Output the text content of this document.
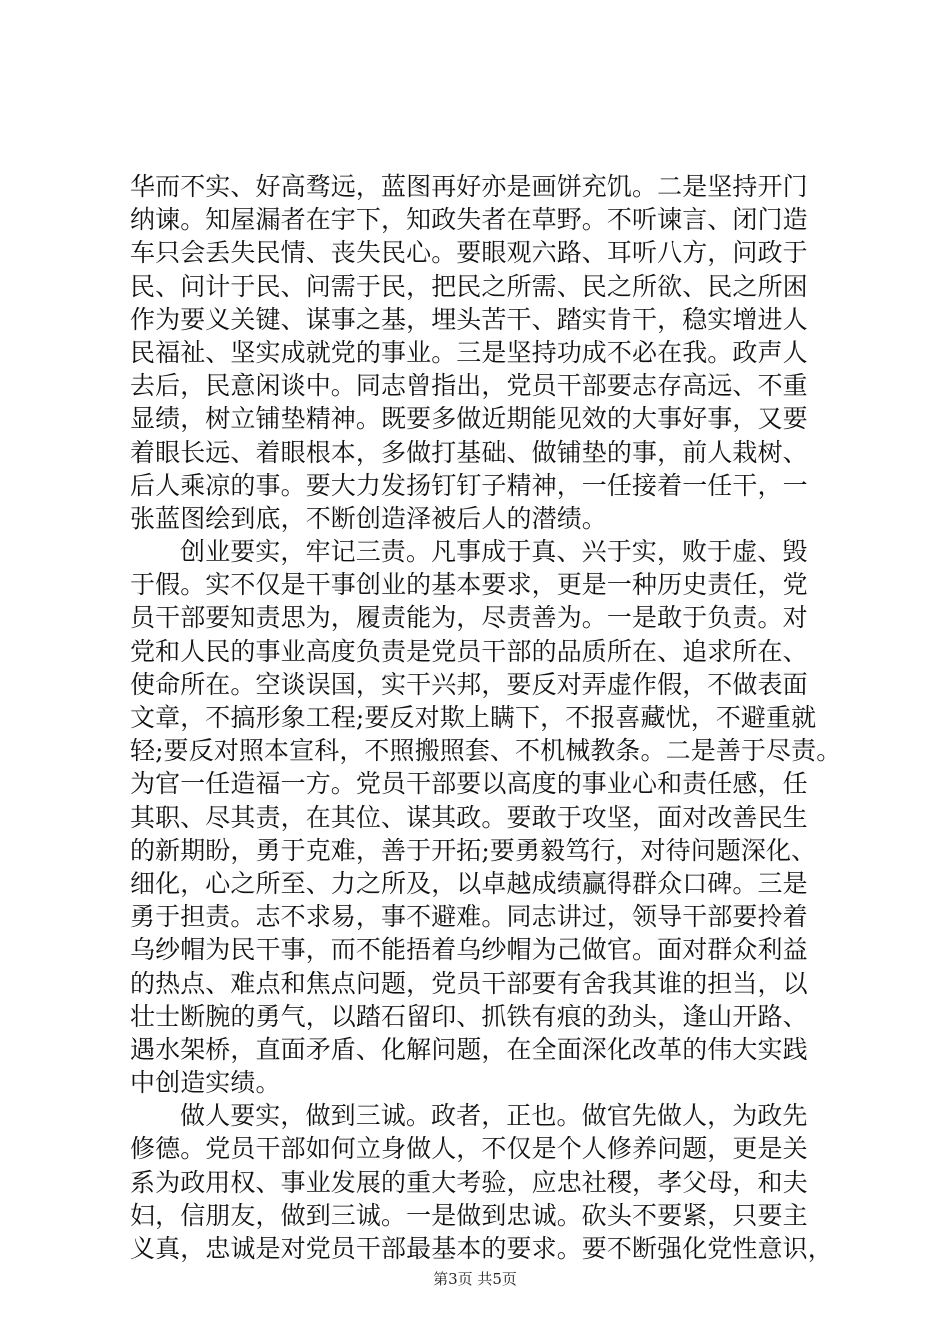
华而不实、好高骛远，蓝图再好亦是画饼充饥。二是坚持开门
纳谏。知屋漏者在宇下，知政失者在草野。不听谏言、闭门造
车只会丢失民情、丧失民心。要眼观六路、耳听八方，问政于
民、问计于民、问需于民，把民之所需、民之所欲、民之所困
作为要义关键、谋事之基，埋头苦干、踏实肯干，稳实增进人
民福祉、坚实成就党的事业。三是坚持功成不必在我。政声人
去后，民意闲谈中。同志曾指出，党员干部要志存高远、不重
显绩，树立铺垫精神。既要多做近期能见效的大事好事，又要
着眼长远、着眼根本，多做打基础、做铺垫的事，前人栽树、
后人乘凉的事。要大力发扬钉钉子精神，一任接着一任干，一
张蓝图绘到底，不断创造泽被后人的潜绩。
创业要实，牢记三责。凡事成于真、兴于实，败于虚、毁
于假。实不仅是干事创业的基本要求，更是一种历史责任，党
员干部要知责思为，履责能为，尽责善为。一是敢于负责。对
党和人民的事业高度负责是党员干部的品质所在、追求所在、
使命所在。空谈误国，实干兴邦，要反对弄虚作假，不做表面
文章，不搞形象工程;要反对欺上瞒下，不报喜藏忧，不避重就
轻;要反对照本宣科，不照搬照套、不机械教条。二是善于尽责。
为官一任造福一方。党员干部要以高度的事业心和责任感，任
其职、尽其责，在其位、谋其政。要敢于攻坚，面对改善民生
的新期盼，勇于克难，善于开拓;要勇毅笃行，对待问题深化、
细化，心之所至、力之所及，以卓越成绩赢得群众口碑。三是
勇于担责。志不求易，事不避难。同志讲过，领导干部要拎着
乌纱帽为民干事，而不能捂着乌纱帽为己做官。面对群众利益
的热点、难点和焦点问题，党员干部要有舍我其谁的担当，以
壮士断腕的勇气，以踏石留印、抓铁有痕的劲头，逢山开路、
遇水架桥，直面矛盾、化解问题，在全面深化改革的伟大实践
中创造实绩。
做人要实，做到三诚。政者，正也。做官先做人，为政先
修德。党员干部如何立身做人，不仅是个人修养问题，更是关
系为政用权、事业发展的重大考验，应忠社稷，孝父母，和夫
妇，信朋友，做到三诚。一是做到忠诚。砍头不要紧，只要主
义真，忠诚是对党员干部最基本的要求。要不断强化党性意识，
第3页 共5页
